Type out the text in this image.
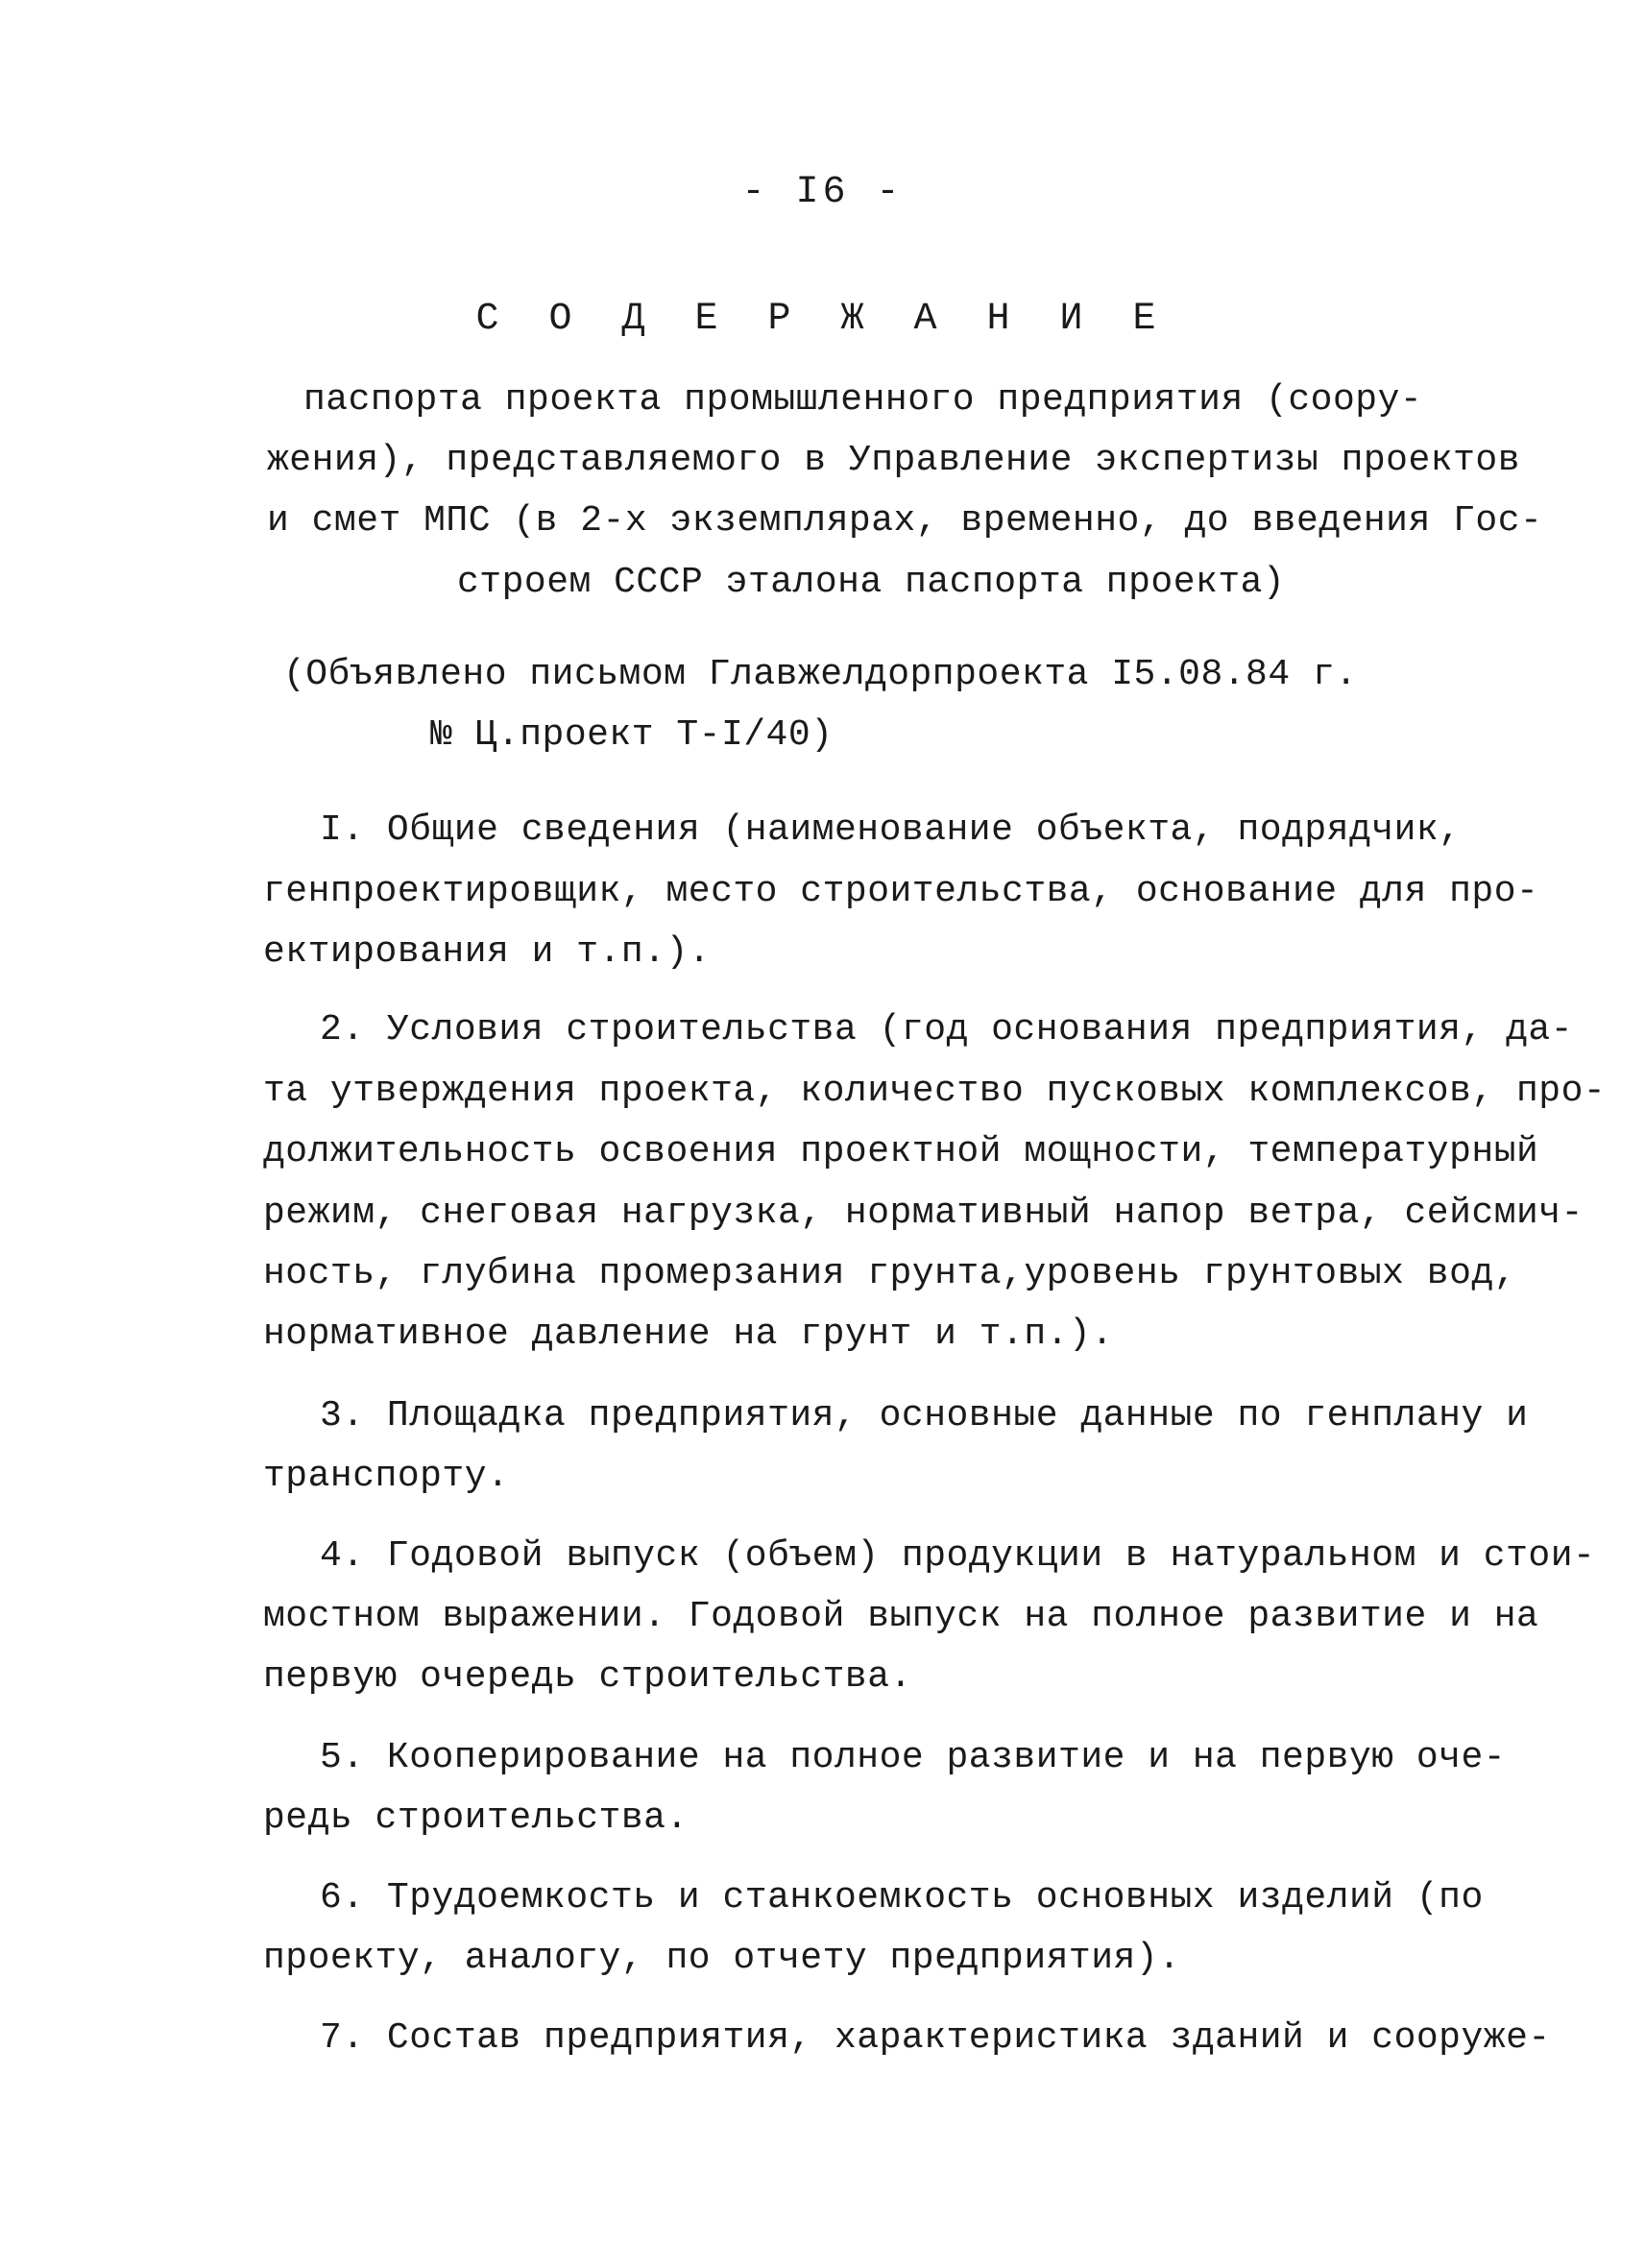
- I6 -
С О Д Е Р Ж А Н И Е
паспорта проекта промышленного предприятия (соору-
жения), представляемого в Управление экспертизы проектов
и смет МПС (в 2-х экземплярах, временно, до введения Гос-
строем СССР эталона паспорта проекта)
(Объявлено письмом Главжелдорпроекта I5.08.84 г.
№ Ц.проект Т-I/40)
I. Общие сведения (наименование объекта, подрядчик,
генпроектировщик, место строительства, основание для про-
ектирования и т.п.).
2. Условия строительства (год основания предприятия, да-
та утверждения проекта, количество пусковых комплексов, про-
должительность освоения проектной мощности, температурный
режим, снеговая нагрузка, нормативный напор ветра, сейсмич-
ность, глубина промерзания грунта,уровень грунтовых вод,
нормативное давление на грунт и т.п.).
3. Площадка предприятия, основные данные по генплану и
транспорту.
4. Годовой выпуск (объем) продукции в натуральном и стои-
мостном выражении. Годовой выпуск на полное развитие и на
первую очередь строительства.
5. Кооперирование на полное развитие и на первую оче-
редь строительства.
6. Трудоемкость и станкоемкость основных изделий (по
проекту, аналогу, по отчету предприятия).
7. Состав предприятия, характеристика зданий и сооруже-
